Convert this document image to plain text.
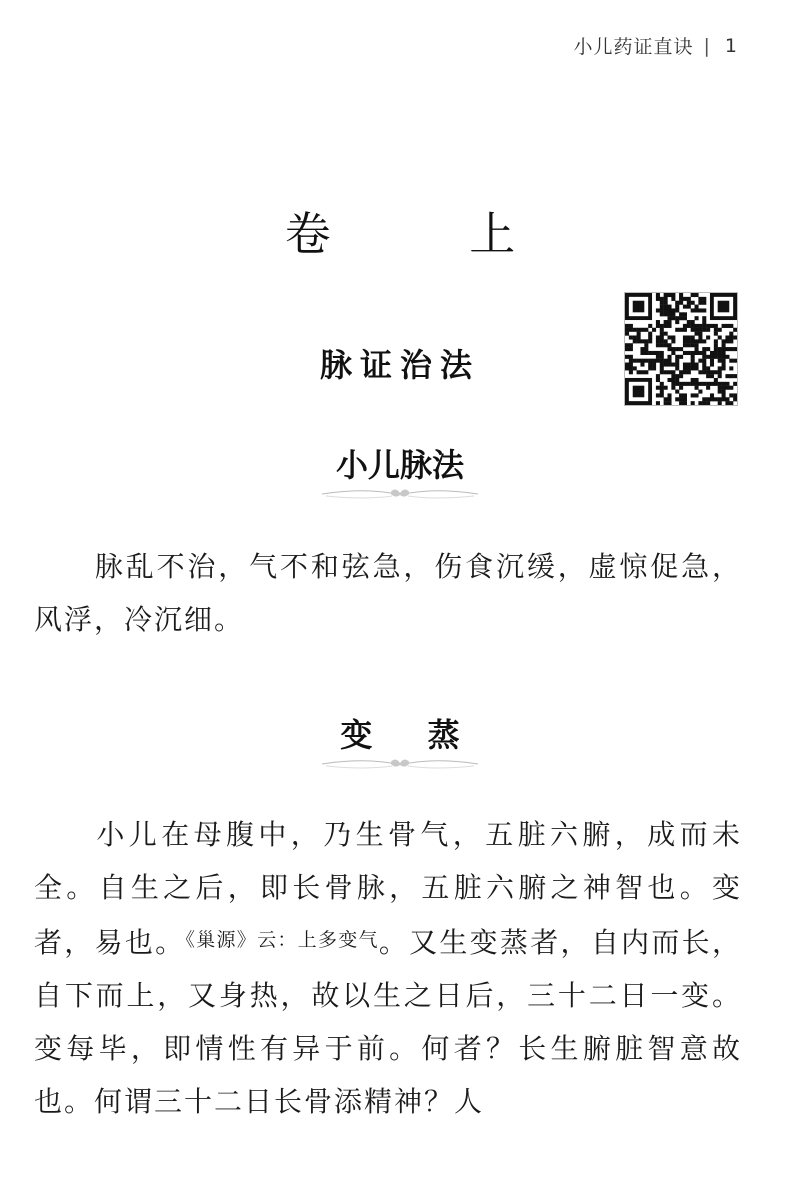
小儿药证直诀 | 1
卷 上
脉证治法
小儿脉法

脉乱不治，气不和弦急，伤食沉缓，虚惊促急，风浮，冷沉细。

变 蒸

小儿在母腹中，乃生骨气，五脏六腑，成而未全。自生之后，即长骨脉，五脏六腑之神智也。变者，易也。$^{《巢源》云:上多变气}$。又生变蒸者，自内而长，自下而上，又身热，故以生之日后，三十二日一变。变每毕，即情性有异于前。何者？长生腑脏智意故也。何谓三十二日长骨添精神？人
